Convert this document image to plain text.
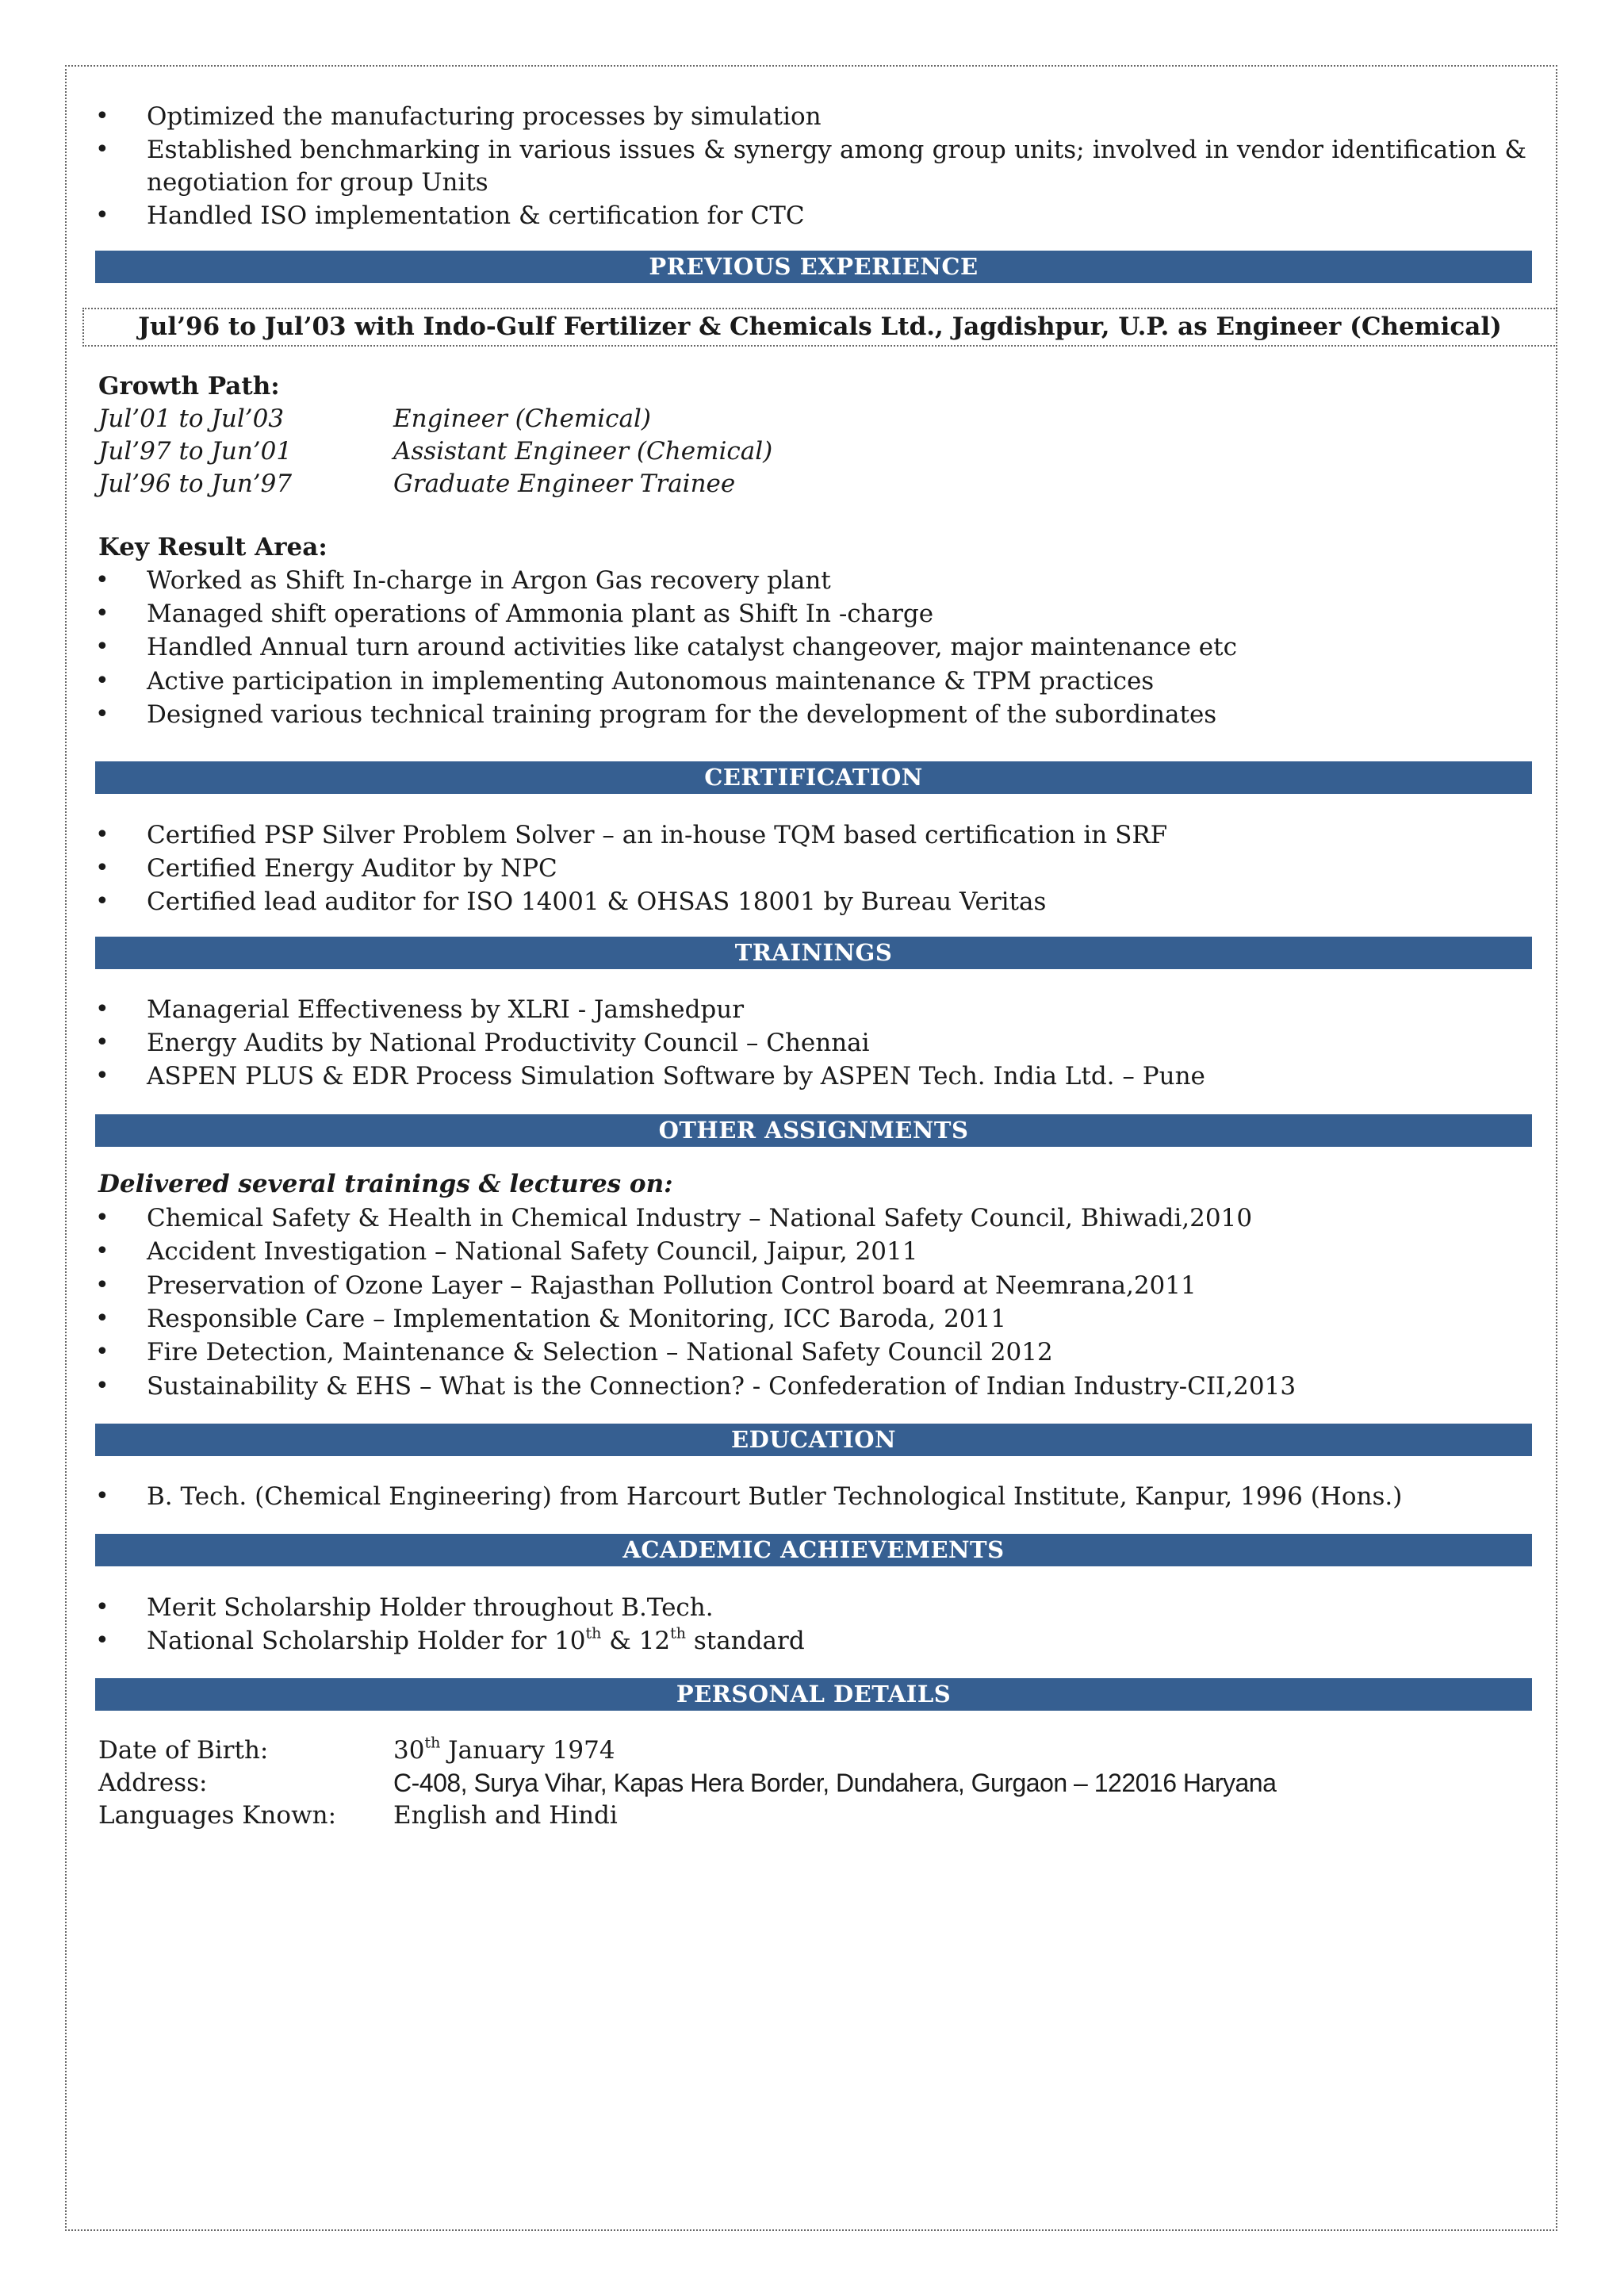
• Optimized the manufacturing processes by simulation
• Established benchmarking in various issues & synergy among group units; involved in vendor identification &
negotiation for group Units
• Handled ISO implementation & certification for CTC
PREVIOUS EXPERIENCE
Jul’96 to Jul’03 with Indo-Gulf Fertilizer & Chemicals Ltd., Jagdishpur, U.P. as Engineer (Chemical)
Growth Path:
Jul’01 to Jul’03	Engineer (Chemical)
Jul’97 to Jun’01	Assistant Engineer (Chemical)
Jul’96 to Jun’97	Graduate Engineer Trainee
Key Result Area:
• Worked as Shift In-charge in Argon Gas recovery plant
• Managed shift operations of Ammonia plant as Shift In -charge
• Handled Annual turn around activities like catalyst changeover, major maintenance etc
• Active participation in implementing Autonomous maintenance & TPM practices
• Designed various technical training program for the development of the subordinates
CERTIFICATION
• Certified PSP Silver Problem Solver – an in-house TQM based certification in SRF
• Certified Energy Auditor by NPC
• Certified lead auditor for ISO 14001 & OHSAS 18001 by Bureau Veritas
TRAININGS
• Managerial Effectiveness by XLRI - Jamshedpur
• Energy Audits by National Productivity Council – Chennai
• ASPEN PLUS & EDR Process Simulation Software by ASPEN Tech. India Ltd. – Pune
OTHER ASSIGNMENTS
Delivered several trainings & lectures on:
• Chemical Safety & Health in Chemical Industry – National Safety Council, Bhiwadi,2010
• Accident Investigation – National Safety Council, Jaipur, 2011
• Preservation of Ozone Layer – Rajasthan Pollution Control board at Neemrana,2011
• Responsible Care – Implementation & Monitoring, ICC Baroda, 2011
• Fire Detection, Maintenance & Selection – National Safety Council 2012
• Sustainability & EHS – What is the Connection? - Confederation of Indian Industry-CII,2013
EDUCATION
• B. Tech. (Chemical Engineering) from Harcourt Butler Technological Institute, Kanpur, 1996 (Hons.)
ACADEMIC ACHIEVEMENTS
• Merit Scholarship Holder throughout B.Tech.
• National Scholarship Holder for 10th & 12th standard
PERSONAL DETAILS
Date of Birth:	30th January 1974
Address:	C-408, Surya Vihar, Kapas Hera Border, Dundahera, Gurgaon – 122016 Haryana
Languages Known: English and Hindi
